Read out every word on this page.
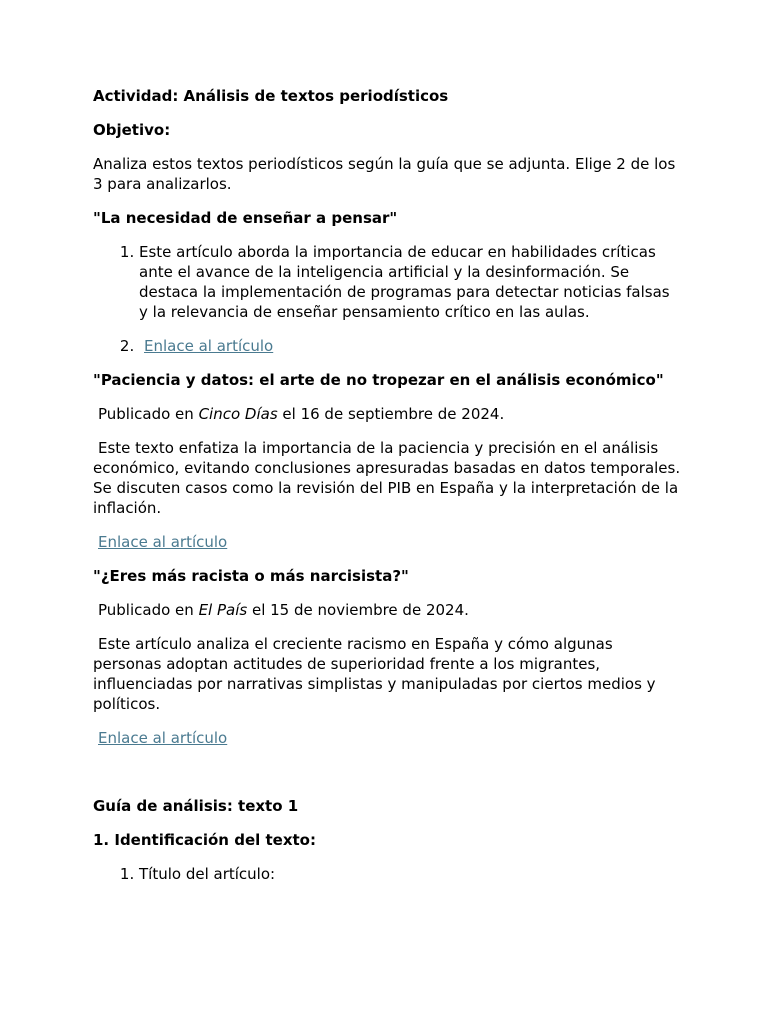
Actividad: Análisis de textos periodísticos

Objetivo:

Analiza estos textos periodísticos según la guía que se adjunta. Elige 2 de los 3 para analizarlos.

"La necesidad de enseñar a pensar"

1. Este artículo aborda la importancia de educar en habilidades críticas ante el avance de la inteligencia artificial y la desinformación. Se destaca la implementación de programas para detectar noticias falsas y la relevancia de enseñar pensamiento crítico en las aulas.
2. Enlace al artículo

"Paciencia y datos: el arte de no tropezar en el análisis económico"

Publicado en Cinco Días el 16 de septiembre de 2024.

Este texto enfatiza la importancia de la paciencia y precisión en el análisis económico, evitando conclusiones apresuradas basadas en datos temporales. Se discuten casos como la revisión del PIB en España y la interpretación de la inflación.

Enlace al artículo

"¿Eres más racista o más narcisista?"

Publicado en El País el 15 de noviembre de 2024.

Este artículo analiza el creciente racismo en España y cómo algunas personas adoptan actitudes de superioridad frente a los migrantes, influenciadas por narrativas simplistas y manipuladas por ciertos medios y políticos.

Enlace al artículo

Guía de análisis: texto 1

1. Identificación del texto:

1. Título del artículo:
